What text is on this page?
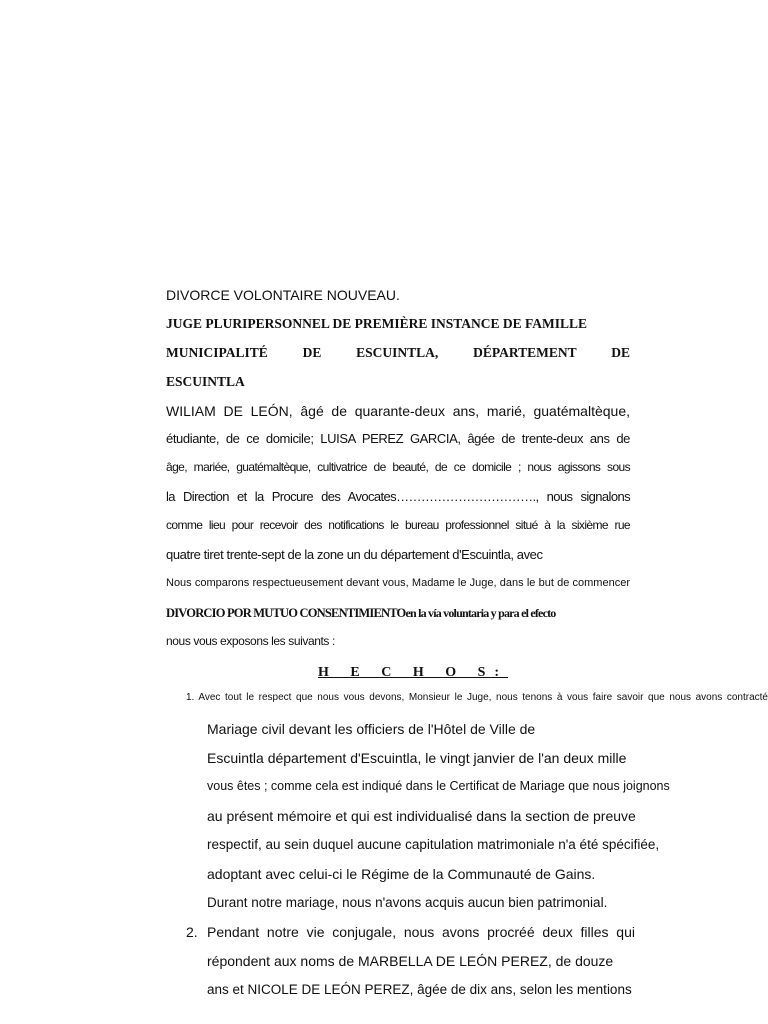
DIVORCE VOLONTAIRE NOUVEAU.

JUGE PLURIPERSONNEL DE PREMIÈRE INSTANCE DE FAMILLE

MUNICIPALITÉ DE ESCUINTLA, DÉPARTEMENT DE

ESCUINTLA

WILIAM DE LEÓN, âgé de quarante-deux ans, marié, guatémaltèque,

étudiante, de ce domicile; LUISA PEREZ GARCIA, âgée de trente-deux ans de

âge, mariée, guatémaltèque, cultivatrice de beauté, de ce domicile ; nous agissons sous

la Direction et la Procure des Avocates……………………………., nous signalons

comme lieu pour recevoir des notifications le bureau professionnel situé à la sixième rue

quatre tiret trente-sept de la zone un du département d'Escuintla, avec

Nous comparons respectueusement devant vous, Madame le Juge, dans le but de commencer

DIVORCIO POR MUTUO CONSENTIMIENTOen la vía voluntaria y para el efecto

nous vous exposons les suivants :

H E C H O S:

1. Avec tout le respect que nous vous devons, Monsieur le Juge, nous tenons à vous faire savoir que nous avons contracté

Mariage civil devant les officiers de l'Hôtel de Ville de

Escuintla département d'Escuintla, le vingt janvier de l'an deux mille

vous êtes ; comme cela est indiqué dans le Certificat de Mariage que nous joignons

au présent mémoire et qui est individualisé dans la section de preuve

respectif, au sein duquel aucune capitulation matrimoniale n'a été spécifiée,

adoptant avec celui-ci le Régime de la Communauté de Gains.

Durant notre mariage, nous n'avons acquis aucun bien patrimonial.

2. Pendant notre vie conjugale, nous avons procréé deux filles qui

répondent aux noms de MARBELLA DE LEÓN PEREZ, de douze

ans et NICOLE DE LEÓN PEREZ, âgée de dix ans, selon les mentions
